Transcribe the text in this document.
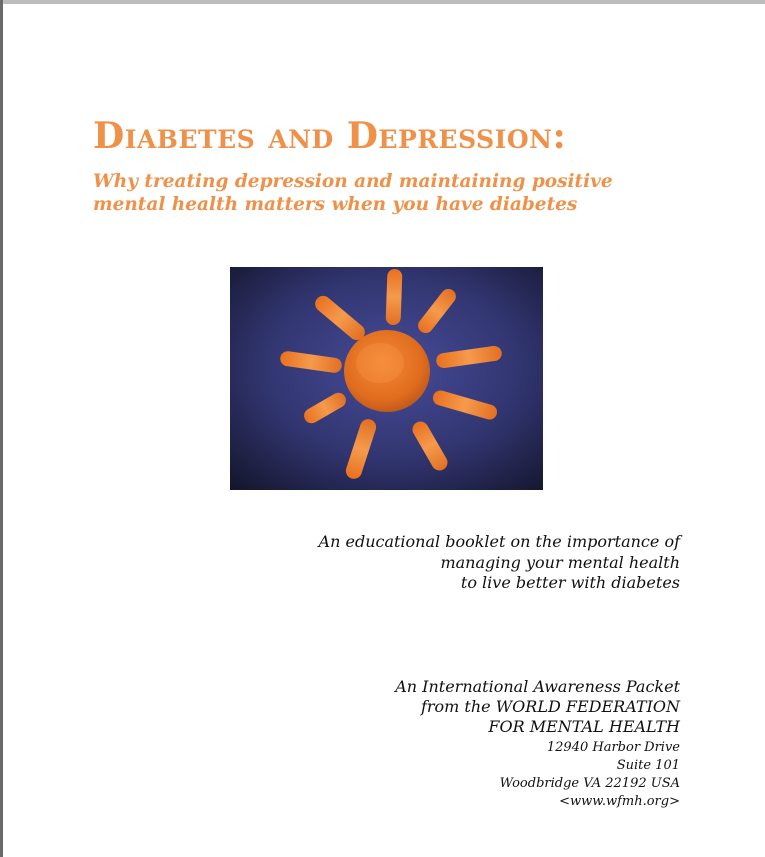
Diabetes and Depression:
Why treating depression and maintaining positive
mental health matters when you have diabetes
An educational booklet on the importance of
managing your mental health
to live better with diabetes
An International Awareness Packet
from the WORLD FEDERATION
FOR MENTAL HEALTH
12940 Harbor Drive
Suite 101
Woodbridge VA 22192 USA
<www.wfmh.org>
